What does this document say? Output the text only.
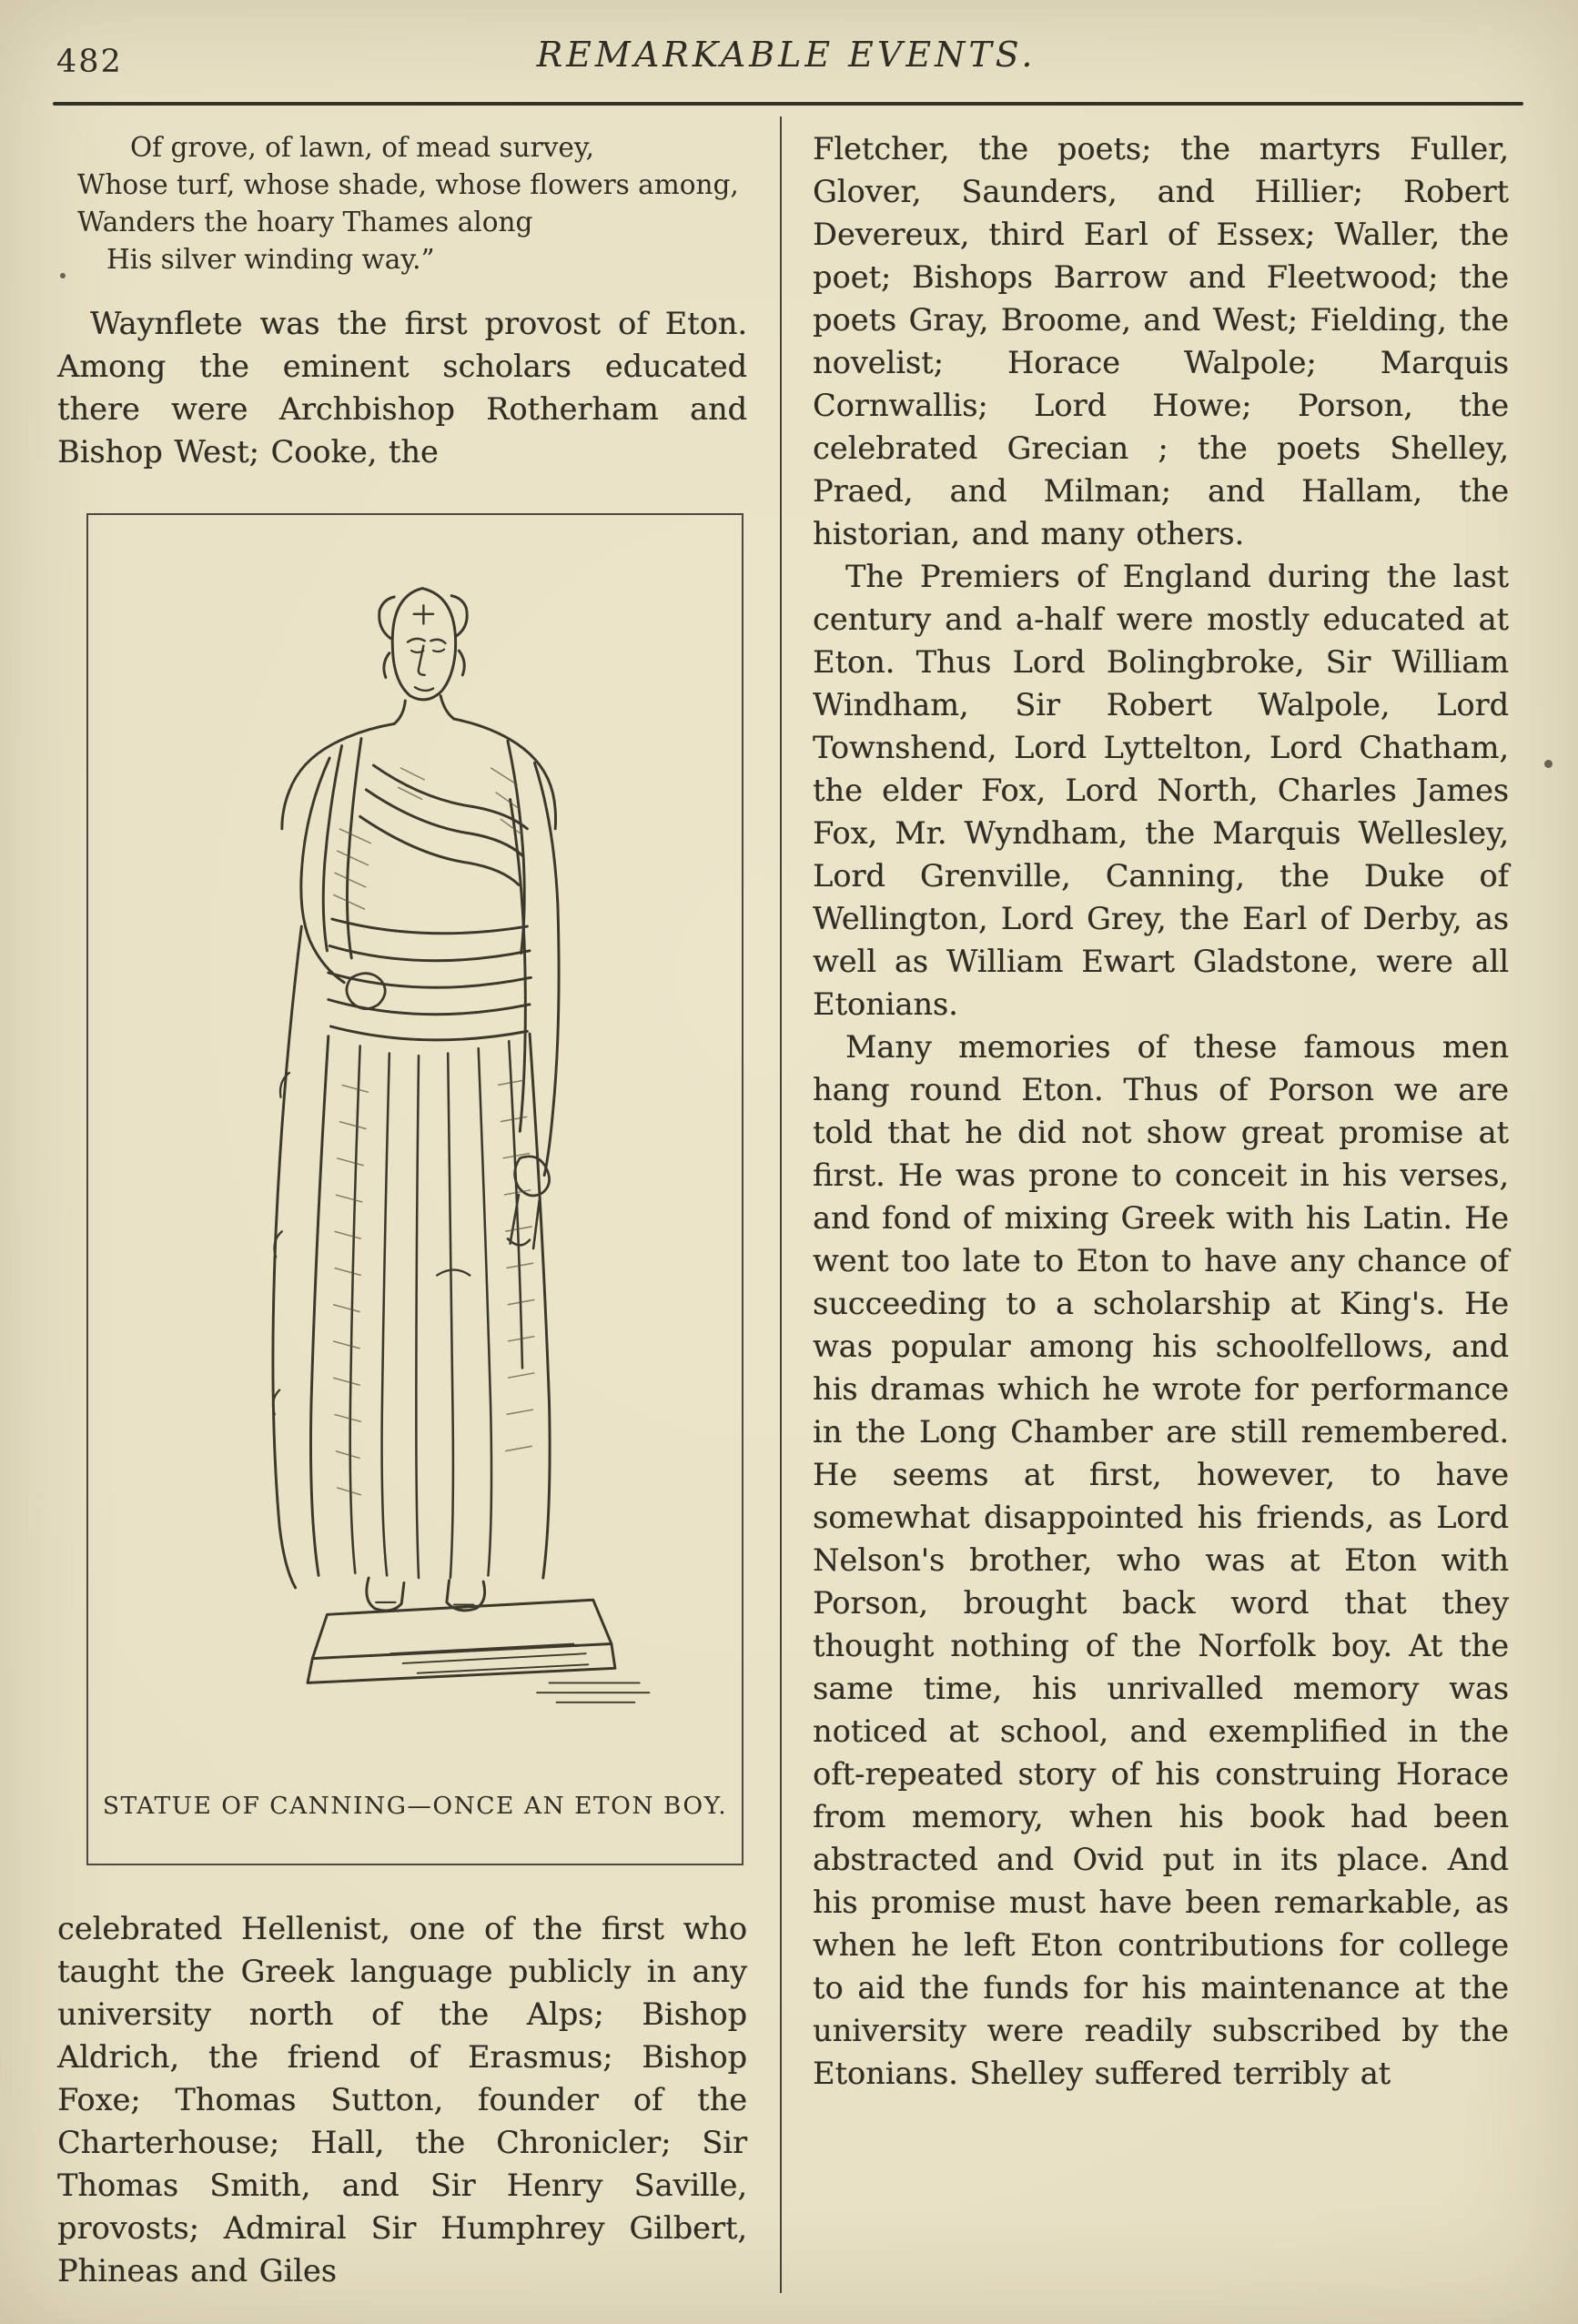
482	REMARKABLE EVENTS.
Of grove, of lawn, of mead survey,
Whose turf, whose shade, whose flowers among,
Wanders the hoary Thames along
His silver winding way.”

Waynflete was the first provost of Eton. Among the eminent scholars educated there were Archbishop Rotherham and Bishop West; Cooke, the

STATUE OF CANNING—ONCE AN ETON BOY.

celebrated Hellenist, one of the first who taught the Greek language publicly in any university north of the Alps; Bishop Aldrich, the friend of Erasmus; Bishop Foxe; Thomas Sutton, founder of the Charterhouse; Hall, the Chronicler; Sir Thomas Smith, and Sir Henry Saville, provosts; Admiral Sir Humphrey Gilbert, Phineas and Giles

Fletcher, the poets; the martyrs Fuller, Glover, Saunders, and Hillier; Robert Devereux, third Earl of Essex; Waller, the poet; Bishops Barrow and Fleetwood; the poets Gray, Broome, and West; Fielding, the novelist; Horace Walpole; Marquis Cornwallis; Lord Howe; Porson, the celebrated Grecian ; the poets Shelley, Praed, and Milman; and Hallam, the historian, and many others.

The Premiers of England during the last century and a-half were mostly educated at Eton. Thus Lord Bolingbroke, Sir William Windham, Sir Robert Walpole, Lord Townshend, Lord Lyttelton, Lord Chatham, the elder Fox, Lord North, Charles James Fox, Mr. Wyndham, the Marquis Wellesley, Lord Grenville, Canning, the Duke of Wellington, Lord Grey, the Earl of Derby, as well as William Ewart Gladstone, were all Etonians.

Many memories of these famous men hang round Eton. Thus of Porson we are told that he did not show great promise at first. He was prone to conceit in his verses, and fond of mixing Greek with his Latin. He went too late to Eton to have any chance of succeeding to a scholarship at King's. He was popular among his schoolfellows, and his dramas which he wrote for performance in the Long Chamber are still remembered. He seems at first, however, to have somewhat disappointed his friends, as Lord Nelson's brother, who was at Eton with Porson, brought back word that they thought nothing of the Norfolk boy. At the same time, his unrivalled memory was noticed at school, and exemplified in the oft-repeated story of his construing Horace from memory, when his book had been abstracted and Ovid put in its place. And his promise must have been remarkable, as when he left Eton contributions for college to aid the funds for his maintenance at the university were readily subscribed by the Etonians. Shelley suffered terribly at
